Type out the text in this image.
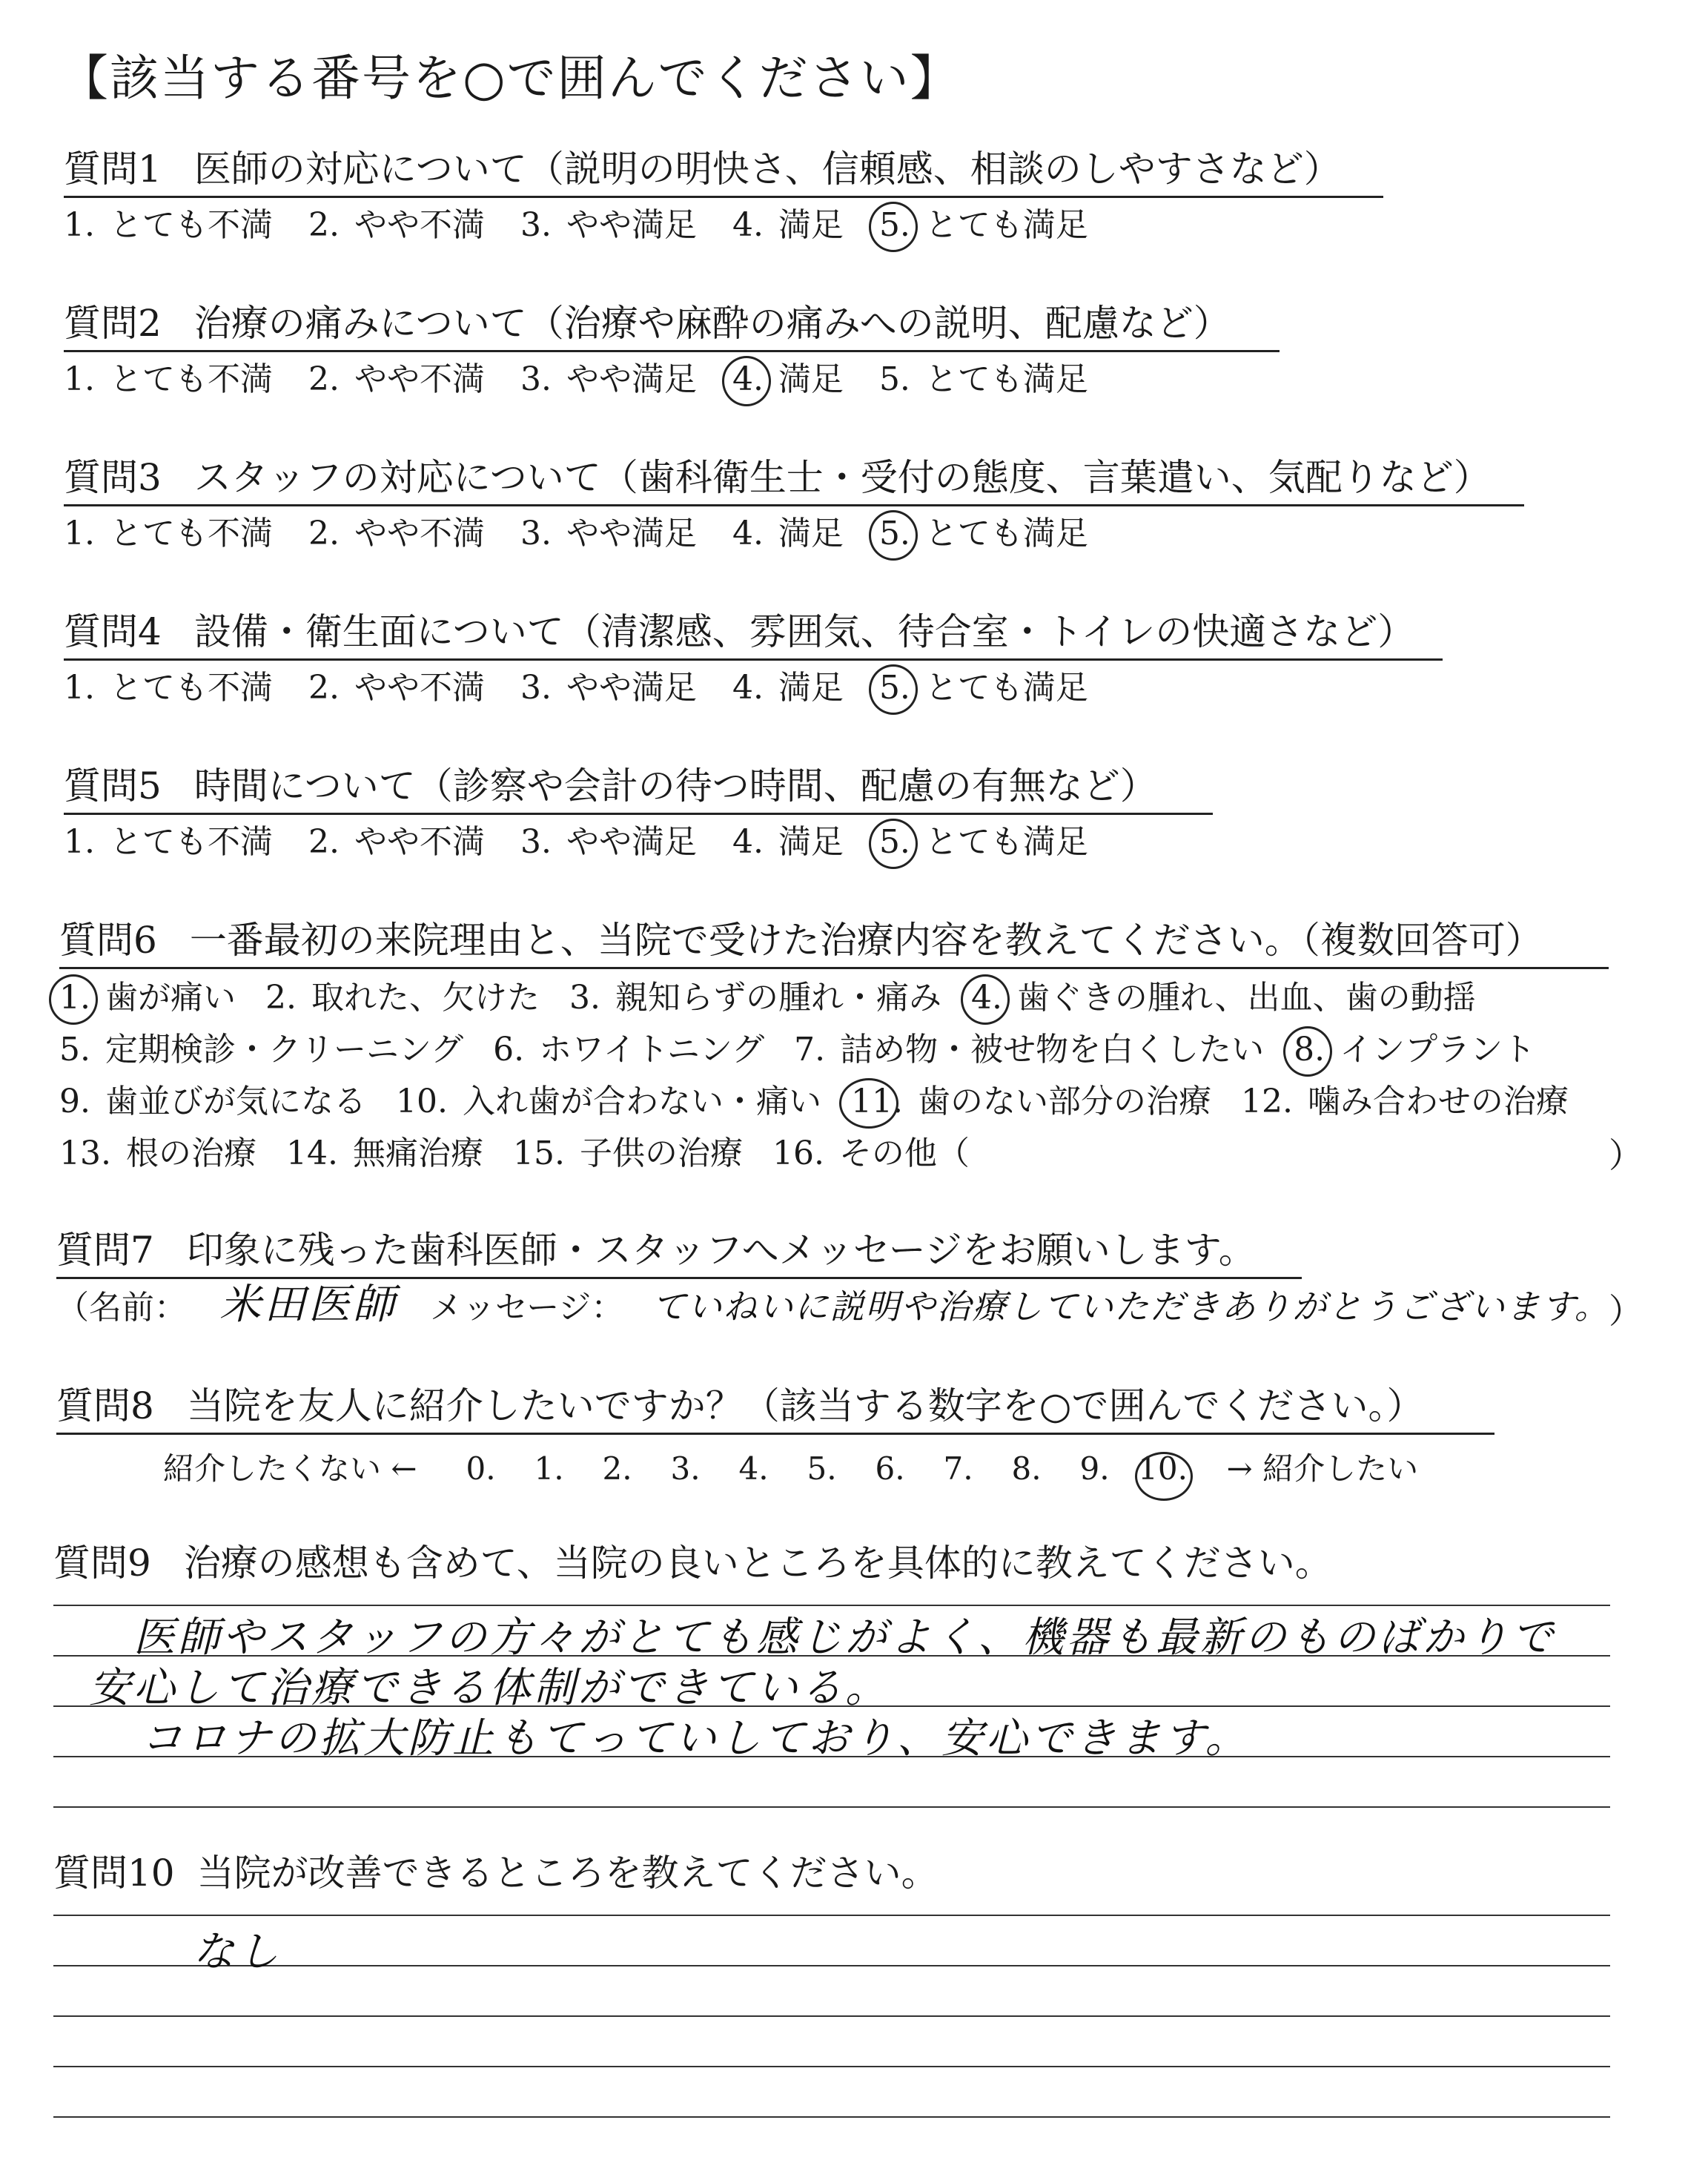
【該当する番号を○で囲んでください】
質問1 医師の対応について（説明の明快さ、信頼感、相談のしやすさなど）
1. とても不満 2. やや不満 3. やや満足 4. 満足 5. とても満足
質問2 治療の痛みについて（治療や麻酔の痛みへの説明、配慮など）
1. とても不満 2. やや不満 3. やや満足 4. 満足 5. とても満足
質問3 スタッフの対応について（歯科衛生士・受付の態度、言葉遣い、気配りなど）
1. とても不満 2. やや不満 3. やや満足 4. 満足 5. とても満足
質問4 設備・衛生面について（清潔感、雰囲気、待合室・トイレの快適さなど）
1. とても不満 2. やや不満 3. やや満足 4. 満足 5. とても満足
質問5 時間について（診察や会計の待つ時間、配慮の有無など）
1. とても不満 2. やや不満 3. やや満足 4. 満足 5. とても満足
質問6 一番最初の来院理由と、当院で受けた治療内容を教えてください。（複数回答可）
1. 歯が痛い 2. 取れた、欠けた 3. 親知らずの腫れ・痛み 4. 歯ぐきの腫れ、出血、歯の動揺
5. 定期検診・クリーニング 6. ホワイトニング 7. 詰め物・被せ物を白くしたい 8. インプラント
9. 歯並びが気になる 10. 入れ歯が合わない・痛い 11. 歯のない部分の治療 12. 噛み合わせの治療
13. 根の治療 14. 無痛治療 15. 子供の治療 16. その他（	）
質問7 印象に残った歯科医師・スタッフへメッセージをお願いします。
（名前： 米田医師 メッセージ： ていねいに説明や治療していただきありがとうございます。
）
質問8 当院を友人に紹介したいですか？（該当する数字を○で囲んでください。）
紹介したくない ← 0. 1. 2. 3. 4. 5. 6. 7. 8. 9. 10. → 紹介したい
質問9 治療の感想も含めて、当院の良いところを具体的に教えてください。
医師やスタッフの方々がとても感じがよく、機器も最新のものばかりで
安心して治療できる体制ができている。
コロナの拡大防止もてっていしており、安心できます。
質問10 当院が改善できるところを教えてください。
なし
